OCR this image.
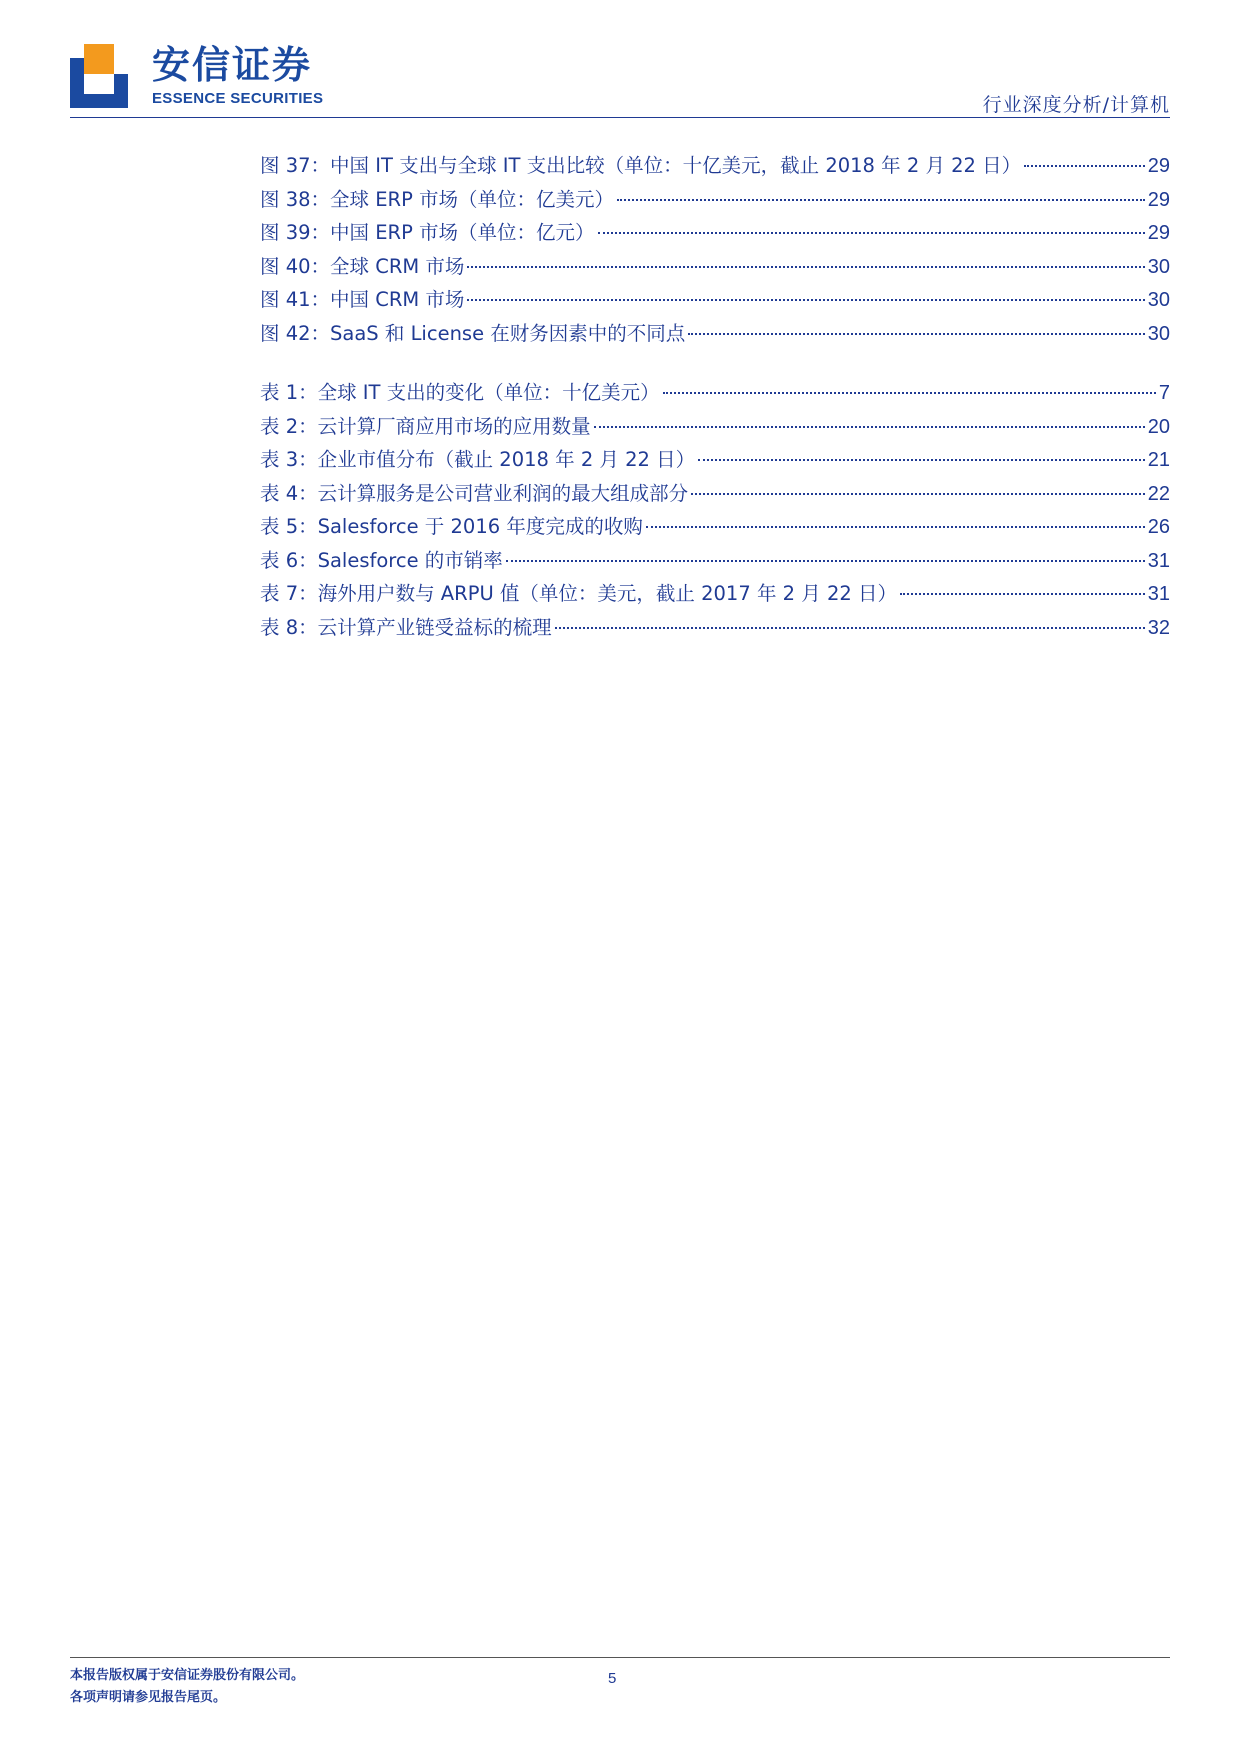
安信证券
ESSENCE SECURITIES	行业深度分析/计算机
图 37：中国 IT 支出与全球 IT 支出比较（单位：十亿美元，截止 2018 年 2 月 22 日）	29
图 38：全球 ERP 市场（单位：亿美元）	29
图 39：中国 ERP 市场（单位：亿元）	29
图 40：全球 CRM 市场	30
图 41：中国 CRM 市场	30
图 42：SaaS 和 License 在财务因素中的不同点	30
表 1：全球 IT 支出的变化（单位：十亿美元）	7
表 2：云计算厂商应用市场的应用数量	20
表 3：企业市值分布（截止 2018 年 2 月 22 日）	21
表 4：云计算服务是公司营业利润的最大组成部分	22
表 5：Salesforce 于 2016 年度完成的收购	26
表 6：Salesforce 的市销率	31
表 7：海外用户数与 ARPU 值（单位：美元，截止 2017 年 2 月 22 日）	31
表 8：云计算产业链受益标的梳理	32
本报告版权属于安信证券股份有限公司。
各项声明请参见报告尾页。
5
